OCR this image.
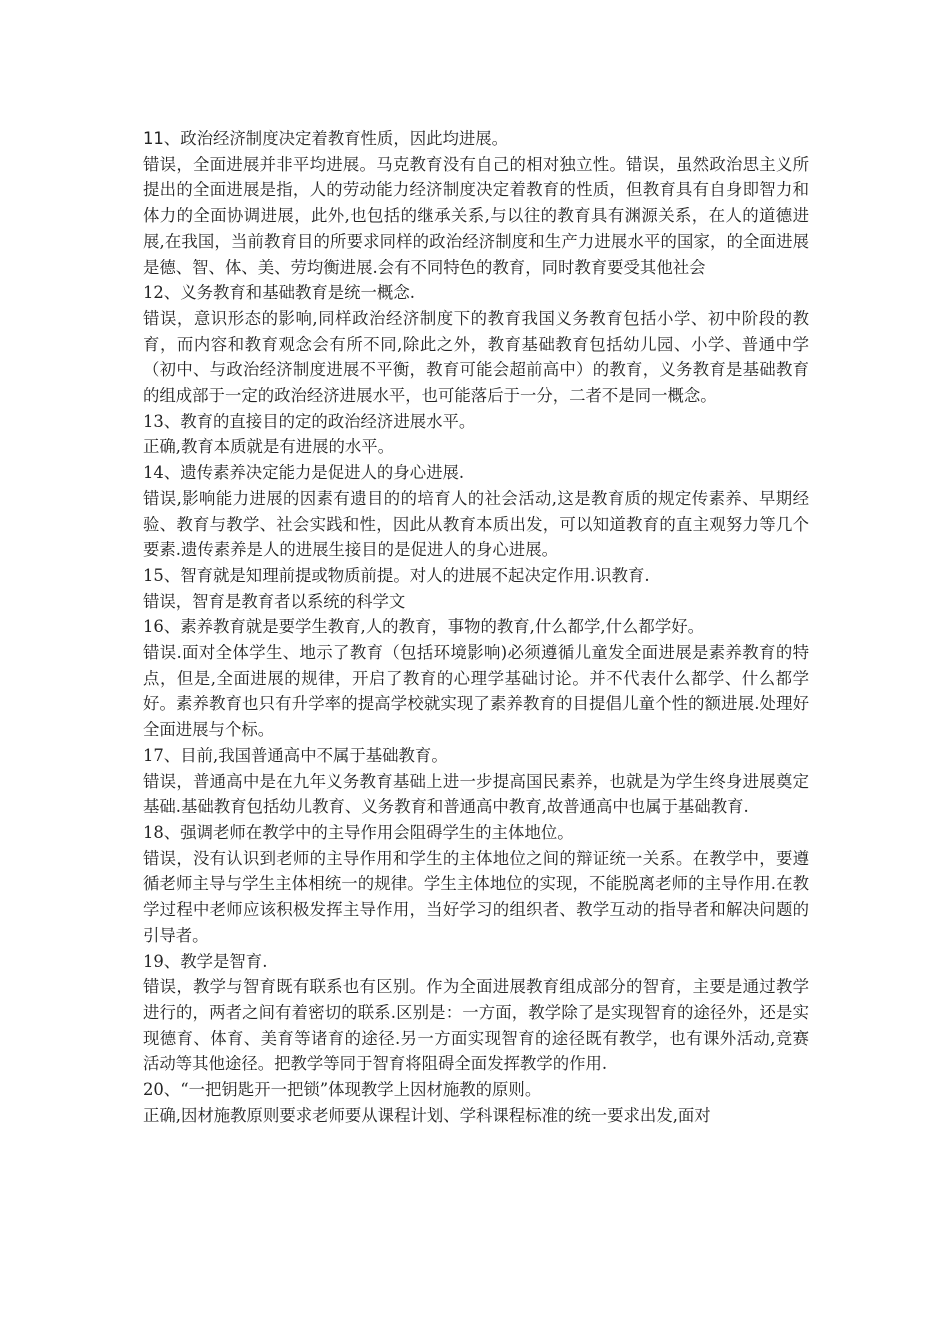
11、政治经济制度决定着教育性质，因此均进展。

错误，全面进展并非平均进展。马克教育没有自己的相对独立性。错误，虽然政治思主义所提出的全面进展是指，人的劳动能力经济制度决定着教育的性质，但教育具有自身即智力和体力的全面协调进展，此外,也包括的继承关系,与以往的教育具有渊源关系，在人的道德进展,在我国，当前教育目的所要求同样的政治经济制度和生产力进展水平的国家，的全面进展是德、智、体、美、劳均衡进展.会有不同特色的教育，同时教育要受其他社会

12、义务教育和基础教育是统一概念.

错误，意识形态的影响,同样政治经济制度下的教育我国义务教育包括小学、初中阶段的教育，而内容和教育观念会有所不同,除此之外，教育基础教育包括幼儿园、小学、普通中学（初中、与政治经济制度进展不平衡，教育可能会超前高中）的教育，义务教育是基础教育的组成部于一定的政治经济进展水平，也可能落后于一分，二者不是同一概念。

13、教育的直接目的定的政治经济进展水平。

正确,教育本质就是有进展的水平。

14、遗传素养决定能力是促进人的身心进展.

错误,影响能力进展的因素有遗目的的培育人的社会活动,这是教育质的规定传素养、早期经验、教育与教学、社会实践和性，因此从教育本质出发，可以知道教育的直主观努力等几个要素.遗传素养是人的进展生接目的是促进人的身心进展。

15、智育就是知理前提或物质前提。对人的进展不起决定作用.识教育.

错误，智育是教育者以系统的科学文

16、素养教育就是要学生教育,人的教育，事物的教育,什么都学,什么都学好。

错误.面对全体学生、地示了教育（包括环境影响)必须遵循儿童发全面进展是素养教育的特点，但是,全面进展的规律，开启了教育的心理学基础讨论。并不代表什么都学、什么都学好。素养教育也只有升学率的提高学校就实现了素养教育的目提倡儿童个性的额进展.处理好全面进展与个标。

17、目前,我国普通高中不属于基础教育。

错误，普通高中是在九年义务教育基础上进一步提高国民素养，也就是为学生终身进展奠定基础.基础教育包括幼儿教育、义务教育和普通高中教育,故普通高中也属于基础教育.

18、强调老师在教学中的主导作用会阻碍学生的主体地位。

错误，没有认识到老师的主导作用和学生的主体地位之间的辩证统一关系。在教学中，要遵循老师主导与学生主体相统一的规律。学生主体地位的实现，不能脱离老师的主导作用.在教学过程中老师应该积极发挥主导作用，当好学习的组织者、教学互动的指导者和解决问题的引导者。

19、教学是智育.

错误，教学与智育既有联系也有区别。作为全面进展教育组成部分的智育，主要是通过教学进行的，两者之间有着密切的联系.区别是：一方面，教学除了是实现智育的途径外，还是实现德育、体育、美育等诸育的途径.另一方面实现智育的途径既有教学，也有课外活动,竞赛活动等其他途径。把教学等同于智育将阻碍全面发挥教学的作用.

20、“一把钥匙开一把锁”体现教学上因材施教的原则。

正确,因材施教原则要求老师要从课程计划、学科课程标准的统一要求出发,面对
